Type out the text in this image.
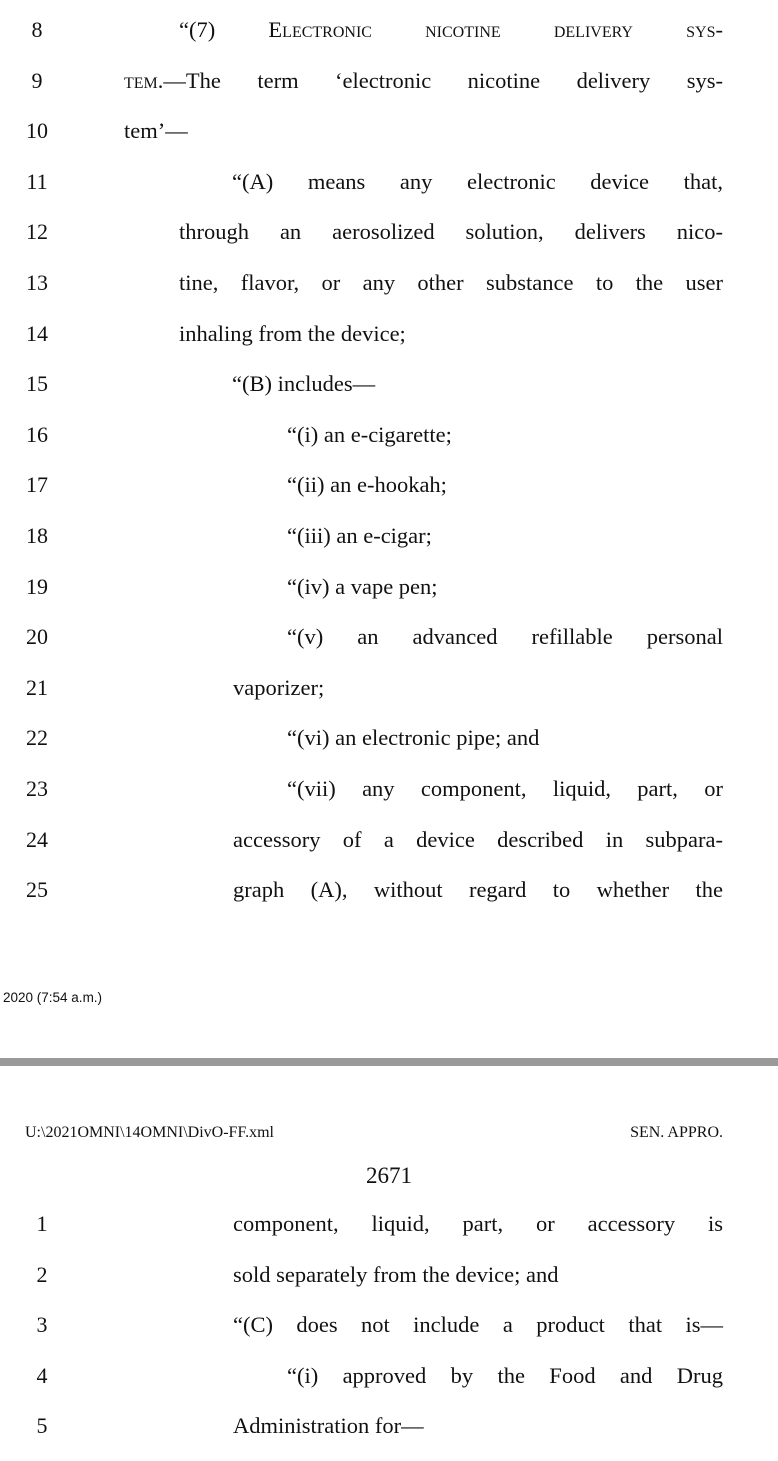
8	“(7) Electronic nicotine delivery sys-
9	tem.—The term ‘electronic nicotine delivery sys-
10	tem’—
11	“(A) means any electronic device that,
12	through an aerosolized solution, delivers nico-
13	tine, flavor, or any other substance to the user
14	inhaling from the device;
15	“(B) includes—
16	“(i) an e-cigarette;
17	“(ii) an e-hookah;
18	“(iii) an e-cigar;
19	“(iv) a vape pen;
20	“(v) an advanced refillable personal
21	vaporizer;
22	“(vi) an electronic pipe; and
23	“(vii) any component, liquid, part, or
24	accessory of a device described in subpara-
25	graph (A), without regard to whether the
2020 (7:54 a.m.)
U:\2021OMNI\14OMNI\DivO-FF.xml	SEN. APPRO.
2671
1	component, liquid, part, or accessory is
2	sold separately from the device; and
3	“(C) does not include a product that is—
4	“(i) approved by the Food and Drug
5	Administration for—
